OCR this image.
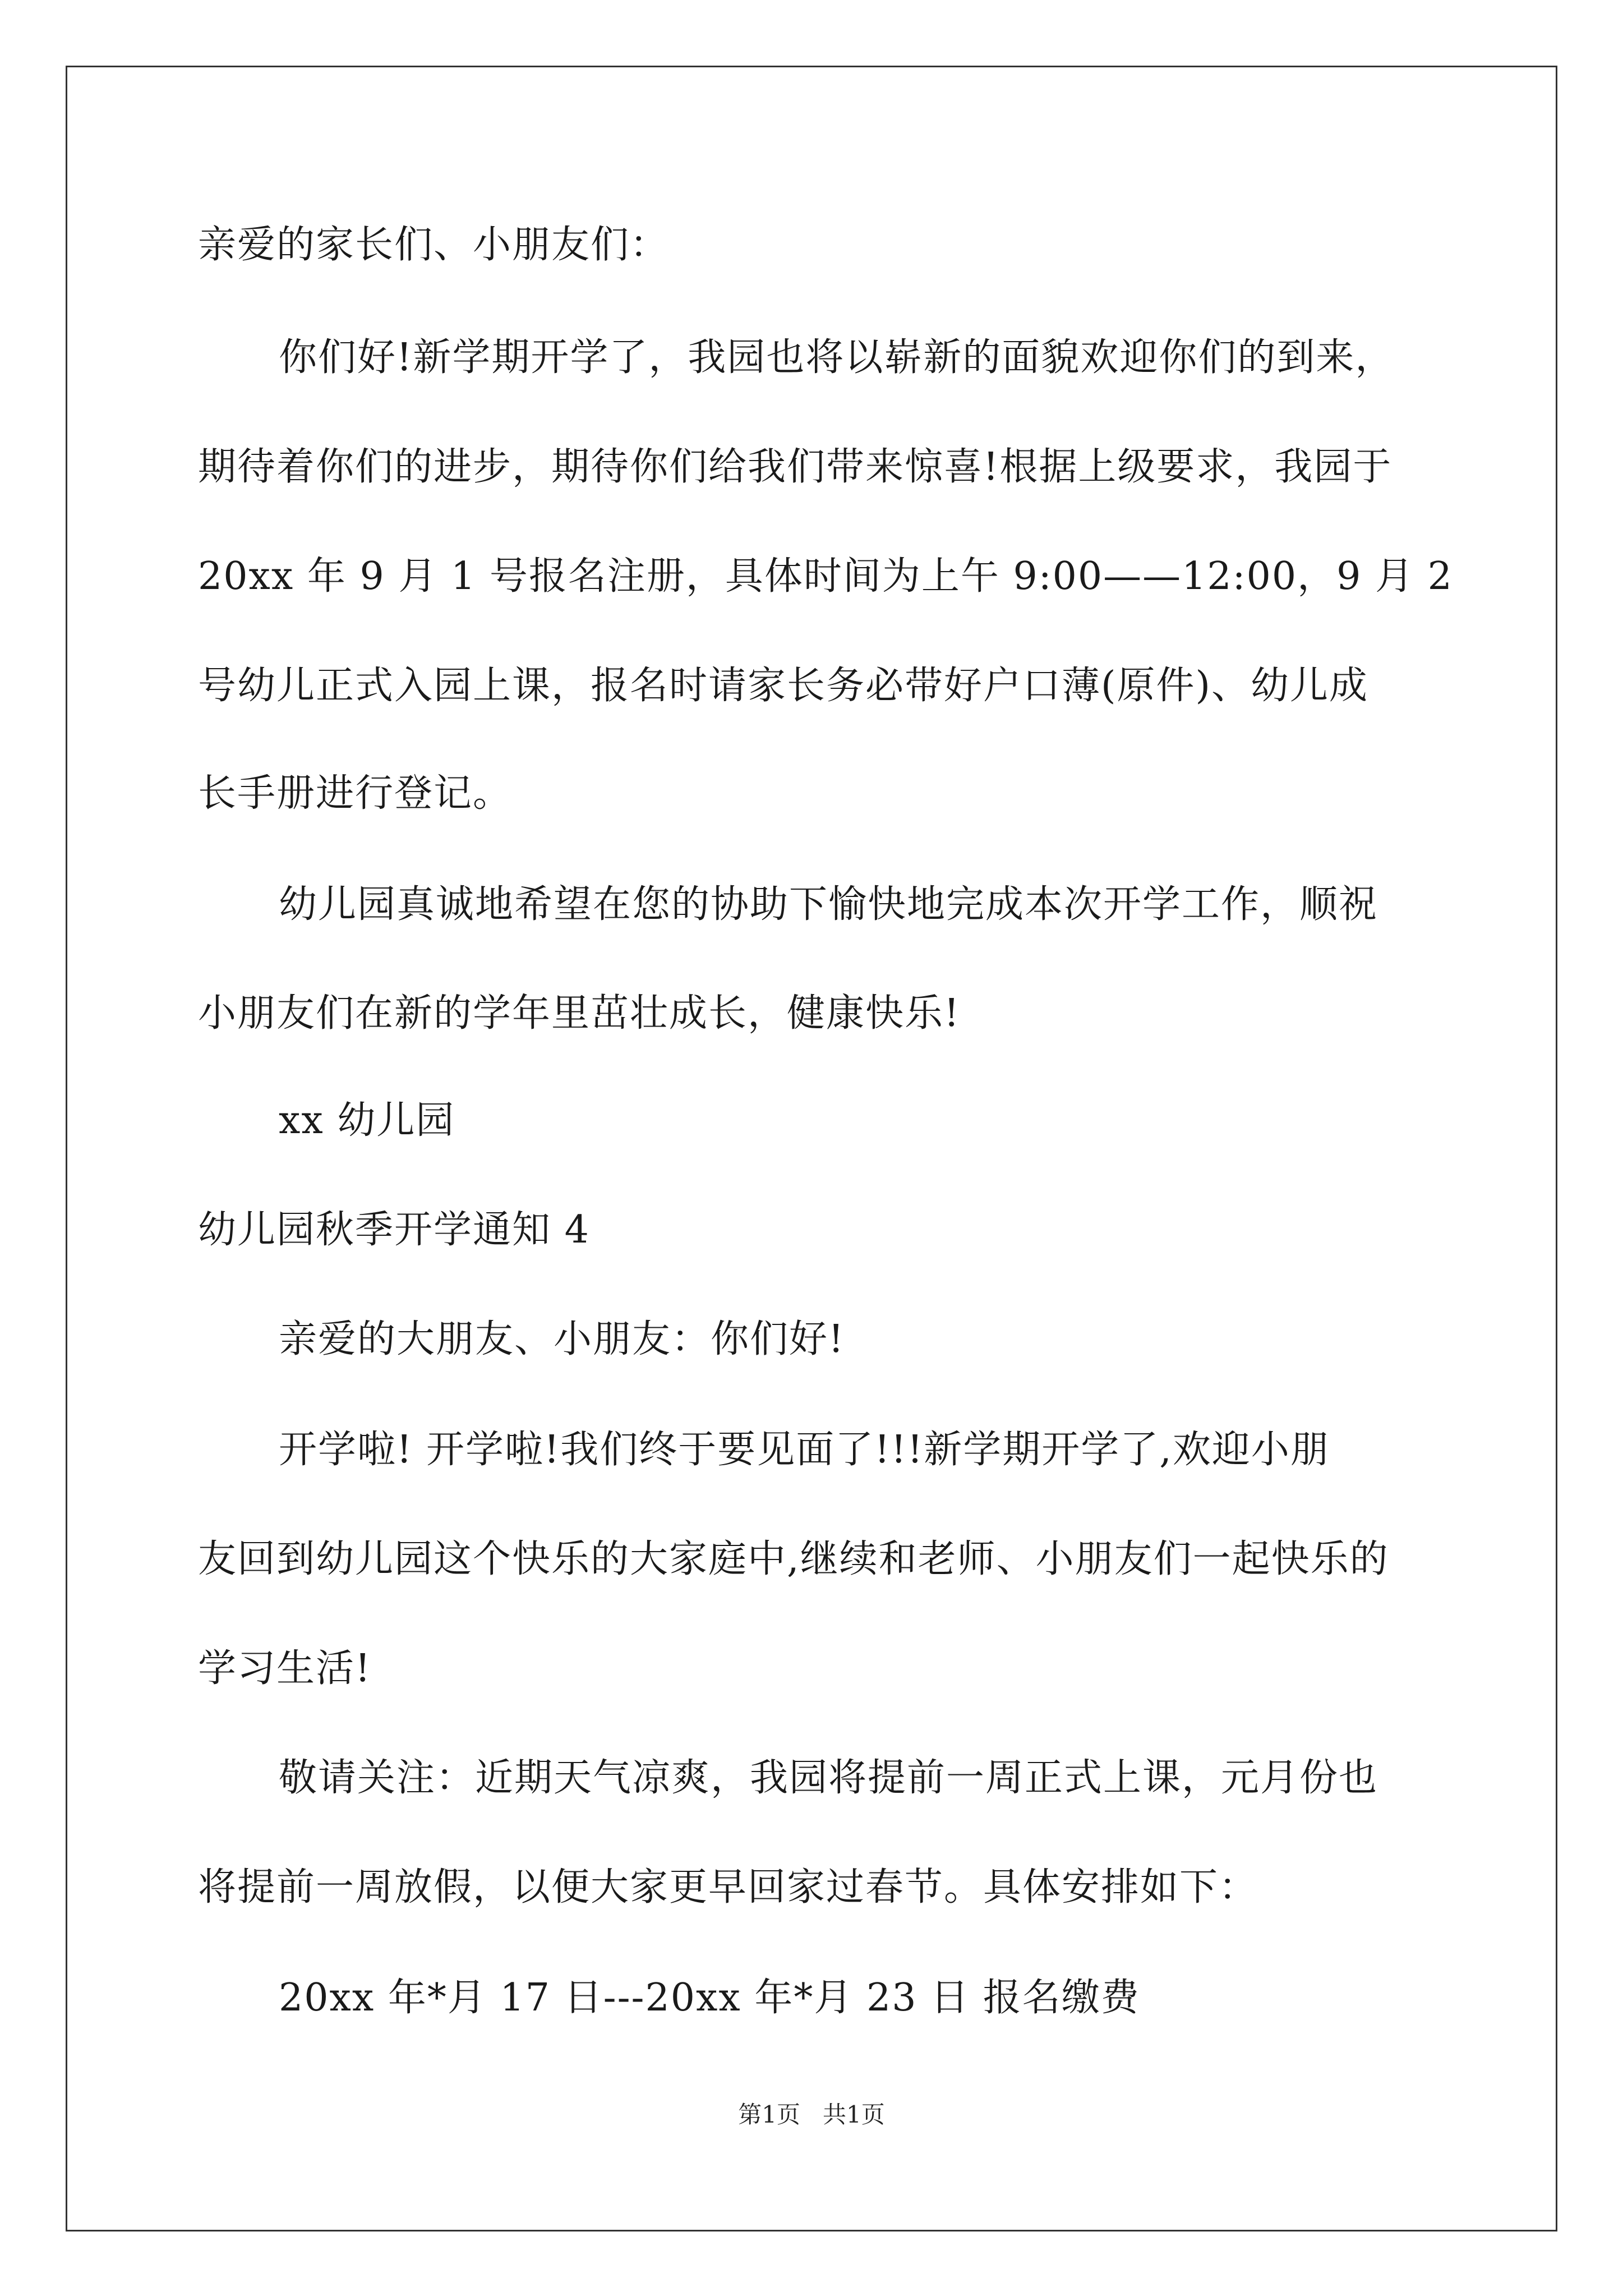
亲爱的家长们、小朋友们：
你们好!新学期开学了，我园也将以崭新的面貌欢迎你们的到来，
期待着你们的进步，期待你们给我们带来惊喜!根据上级要求，我园于
20xx 年 9 月 1 号报名注册，具体时间为上午 9:00——12:00，9 月 2
号幼儿正式入园上课，报名时请家长务必带好户口薄(原件)、幼儿成
长手册进行登记。
幼儿园真诚地希望在您的协助下愉快地完成本次开学工作，顺祝
小朋友们在新的学年里茁壮成长，健康快乐!
xx 幼儿园
幼儿园秋季开学通知 4
亲爱的大朋友、小朋友：你们好!
开学啦! 开学啦!我们终于要见面了!!!新学期开学了,欢迎小朋
友回到幼儿园这个快乐的大家庭中,继续和老师、小朋友们一起快乐的
学习生活!
敬请关注：近期天气凉爽，我园将提前一周正式上课，元月份也
将提前一周放假，以便大家更早回家过春节。具体安排如下：
20xx 年*月 17 日---20xx 年*月 23 日 报名缴费
第1页   共1页
